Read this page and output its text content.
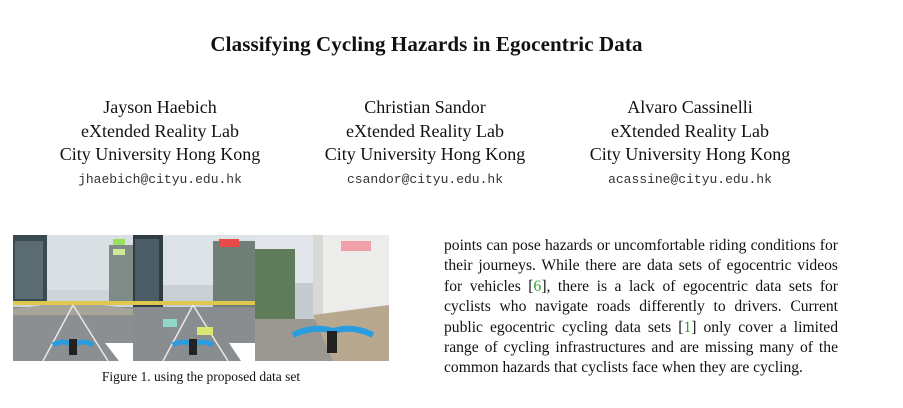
Classifying Cycling Hazards in Egocentric Data
Jayson Haebich
eXtended Reality Lab
City University Hong Kong
jhaebich@cityu.edu.hk
Christian Sandor
eXtended Reality Lab
City University Hong Kong
csandor@cityu.edu.hk
Alvaro Cassinelli
eXtended Reality Lab
City University Hong Kong
acassine@cityu.edu.hk
Figure 1. using the proposed data set
points can pose hazards or uncomfortable riding conditions for their journeys. While there are data sets of egocentric videos for vehicles [6], there is a lack of egocentric data sets for cyclists who navigate roads differently to drivers. Current public egocentric cycling data sets [1] only cover a limited range of cycling infrastructures and are missing many of the common hazards that cyclists face when they are cycling.
